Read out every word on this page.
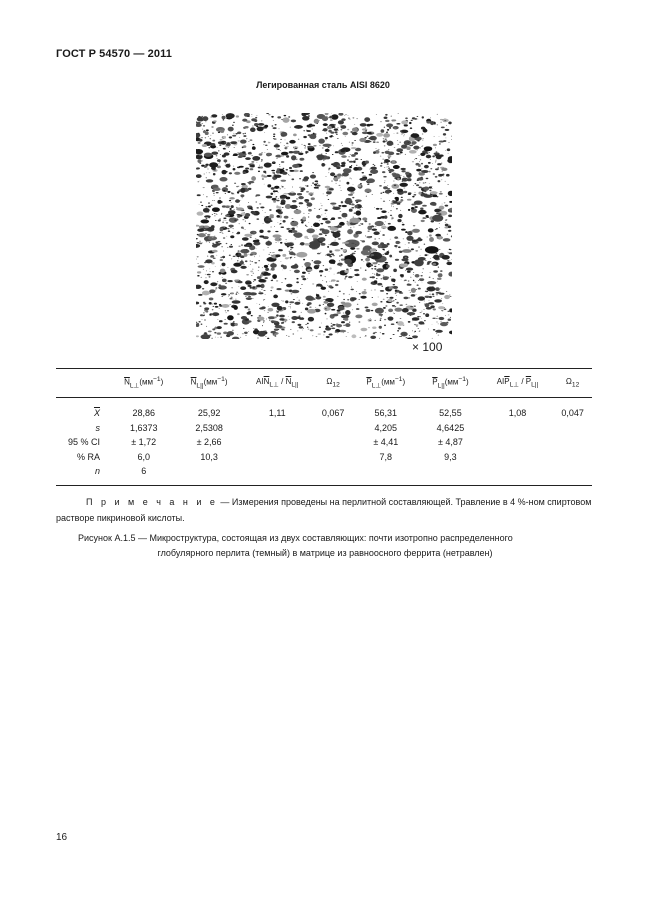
ГОСТ Р 54570 — 2011
Легированная сталь AISI 8620
× 100
	$\overline{N}_{L\perp}(мм^{-1})$	$\overline{N}_{L||}(мм^{-1})$	$AI\overline{N}_{L\perp} / \overline{N}_{L||}$	$\Omega_{12}$	$\overline{P}_{L\perp}(мм^{-1})$	$\overline{P}_{L||}(мм^{-1})$	$AI\overline{P}_{L\perp} / \overline{P}_{L||}$	$\Omega_{12}$
$\overline{X}$	28,86	25,92	1,11	0,067	56,31	52,55	1,08	0,047
s	1,6373	2,5308			4,205	4,6425		
95 % CI	± 1,72	± 2,66			± 4,41	± 4,87		
% RA	6,0	10,3			7,8	9,3		
n	6							
П р и м е ч а н и е — Измерения проведены на перлитной составляющей. Травление в 4 %-ном спиртовом
растворе пикриновой кислоты.
Рисунок А.1.5 — Микроструктура, состоящая из двух составляющих: почти изотропно распределенного
глобулярного перлита (темный) в матрице из равноосного феррита (нетравлен)
16
